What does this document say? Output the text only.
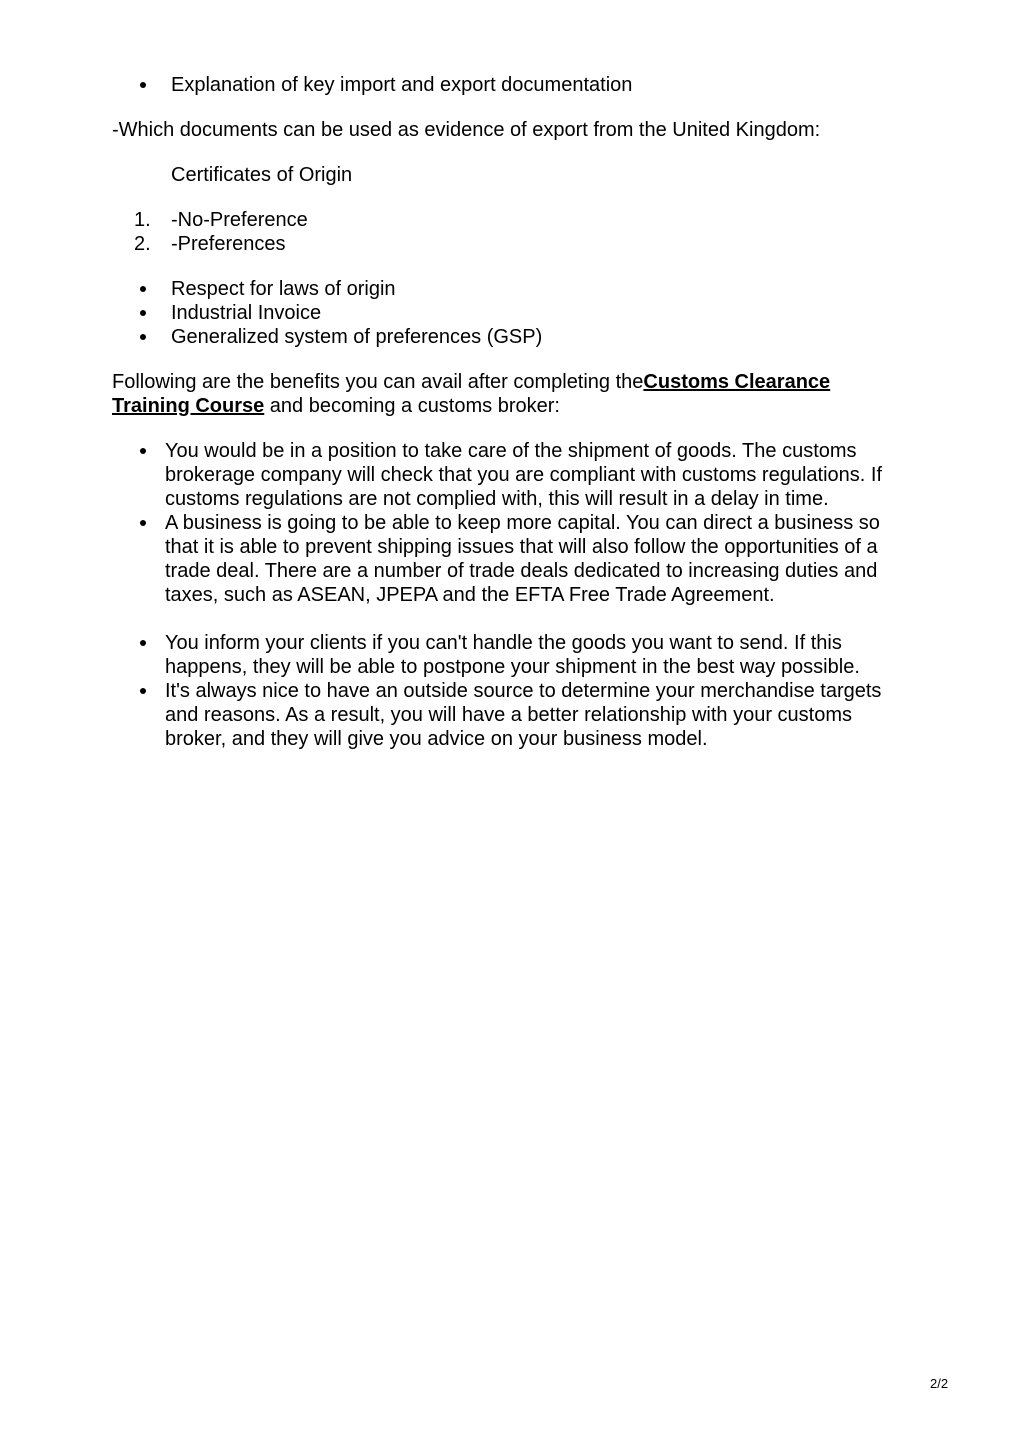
Explanation of key import and export documentation
-Which documents can be used as evidence of export from the United Kingdom:
Certificates of Origin
1. -No-Preference
2. -Preferences
Respect for laws of origin
Industrial Invoice
Generalized system of preferences (GSP)
Following are the benefits you can avail after completing theCustoms Clearance Training Course and becoming a customs broker:
You would be in a position to take care of the shipment of goods. The customs brokerage company will check that you are compliant with customs regulations. If customs regulations are not complied with, this will result in a delay in time.
A business is going to be able to keep more capital. You can direct a business so that it is able to prevent shipping issues that will also follow the opportunities of a trade deal. There are a number of trade deals dedicated to increasing duties and taxes, such as ASEAN, JPEPA and the EFTA Free Trade Agreement.
You inform your clients if you can't handle the goods you want to send. If this happens, they will be able to postpone your shipment in the best way possible.
It's always nice to have an outside source to determine your merchandise targets and reasons. As a result, you will have a better relationship with your customs broker, and they will give you advice on your business model.
2/2
